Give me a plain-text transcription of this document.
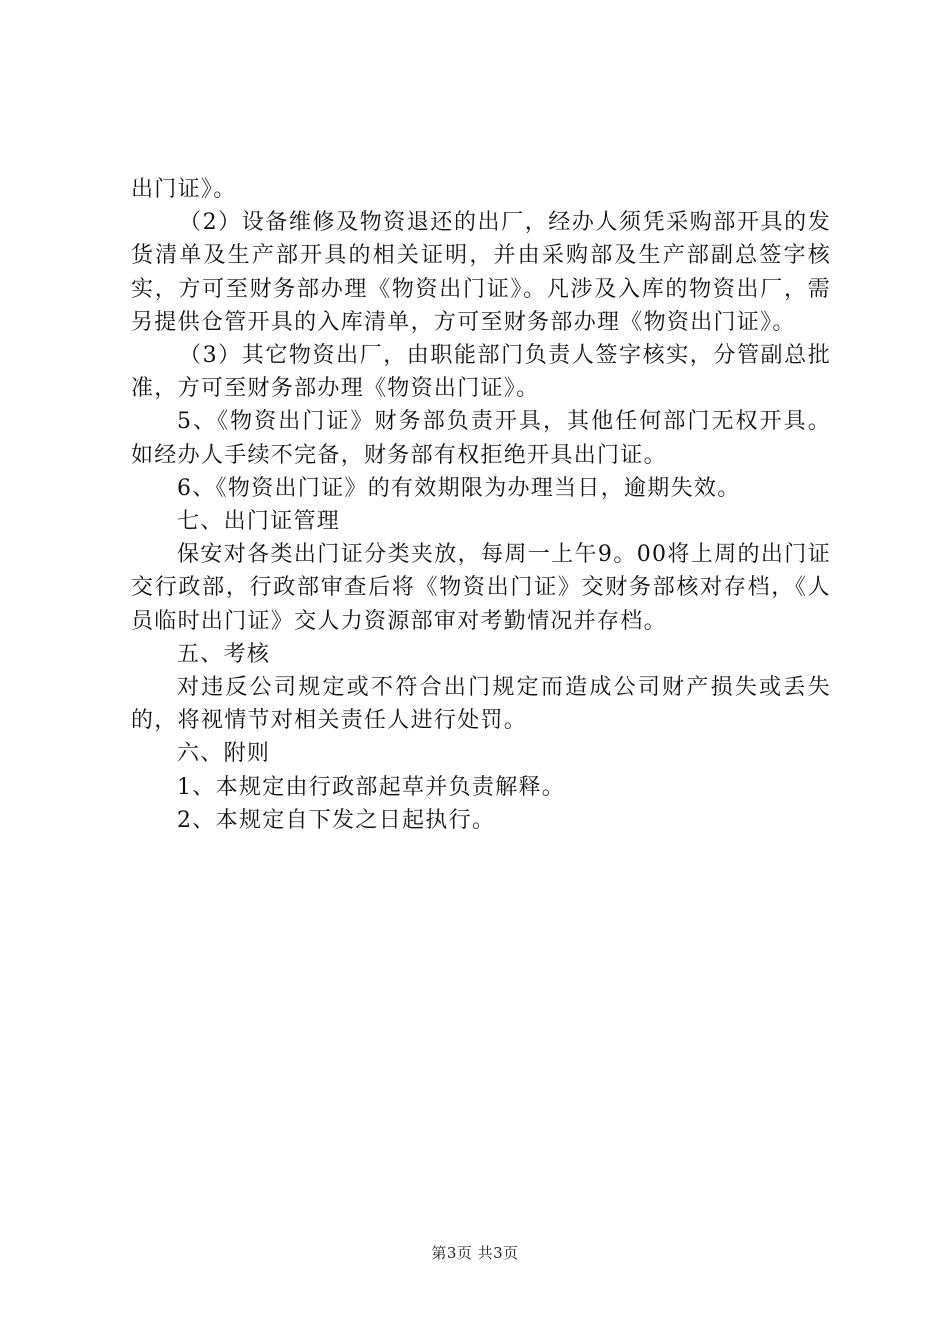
出门证》。

（2）设备维修及物资退还的出厂，经办人须凭采购部开具的发货清单及生产部开具的相关证明，并由采购部及生产部副总签字核实，方可至财务部办理《物资出门证》。凡涉及入库的物资出厂，需另提供仓管开具的入库清单，方可至财务部办理《物资出门证》。

（3）其它物资出厂，由职能部门负责人签字核实，分管副总批准，方可至财务部办理《物资出门证》。

5、《物资出门证》财务部负责开具，其他任何部门无权开具。如经办人手续不完备，财务部有权拒绝开具出门证。

6、《物资出门证》的有效期限为办理当日，逾期失效。

七、出门证管理

保安对各类出门证分类夹放，每周一上午9。00将上周的出门证交行政部，行政部审查后将《物资出门证》交财务部核对存档，《人员临时出门证》交人力资源部审对考勤情况并存档。

五、考核

对违反公司规定或不符合出门规定而造成公司财产损失或丢失的，将视情节对相关责任人进行处罚。

六、附则

1、本规定由行政部起草并负责解释。

2、本规定自下发之日起执行。

第3页 共3页
